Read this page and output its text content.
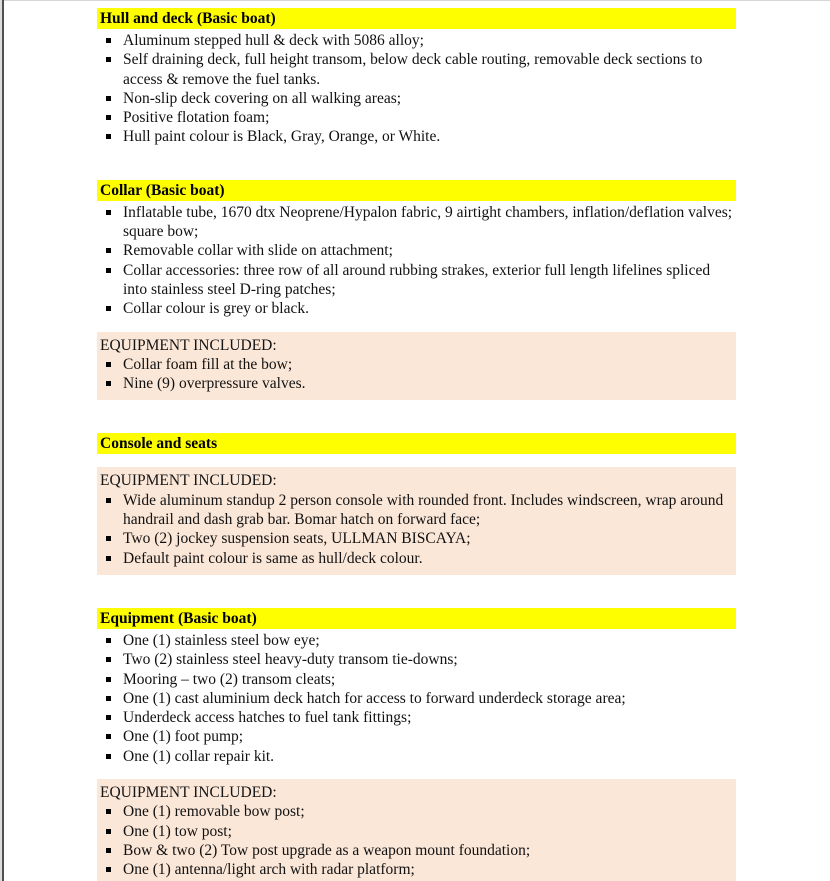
Hull and deck (Basic boat)
Aluminum stepped hull & deck with 5086 alloy;
Self draining deck, full height transom, below deck cable routing, removable deck sections to access & remove the fuel tanks.
Non-slip deck covering on all walking areas;
Positive flotation foam;
Hull paint colour is Black, Gray, Orange, or White.
Collar (Basic boat)
Inflatable tube, 1670 dtx Neoprene/Hypalon fabric, 9 airtight chambers, inflation/deflation valves; square bow;
Removable collar with slide on attachment;
Collar accessories: three row of all around rubbing strakes, exterior full length lifelines spliced into stainless steel D-ring patches;
Collar colour is grey or black.
EQUIPMENT INCLUDED:
Collar foam fill at the bow;
Nine (9) overpressure valves.
Console and seats
EQUIPMENT INCLUDED:
Wide aluminum standup 2 person console with rounded front. Includes windscreen, wrap around handrail and dash grab bar. Bomar hatch on forward face;
Two (2) jockey suspension seats, ULLMAN BISCAYA;
Default paint colour is same as hull/deck colour.
Equipment (Basic boat)
One (1) stainless steel bow eye;
Two (2) stainless steel heavy-duty transom tie-downs;
Mooring – two (2) transom cleats;
One (1) cast aluminium deck hatch for access to forward underdeck storage area;
Underdeck access hatches to fuel tank fittings;
One (1) foot pump;
One (1) collar repair kit.
EQUIPMENT INCLUDED:
One (1) removable bow post;
One (1) tow post;
Bow & two (2) Tow post upgrade as a weapon mount foundation;
One (1) antenna/light arch with radar platform;
